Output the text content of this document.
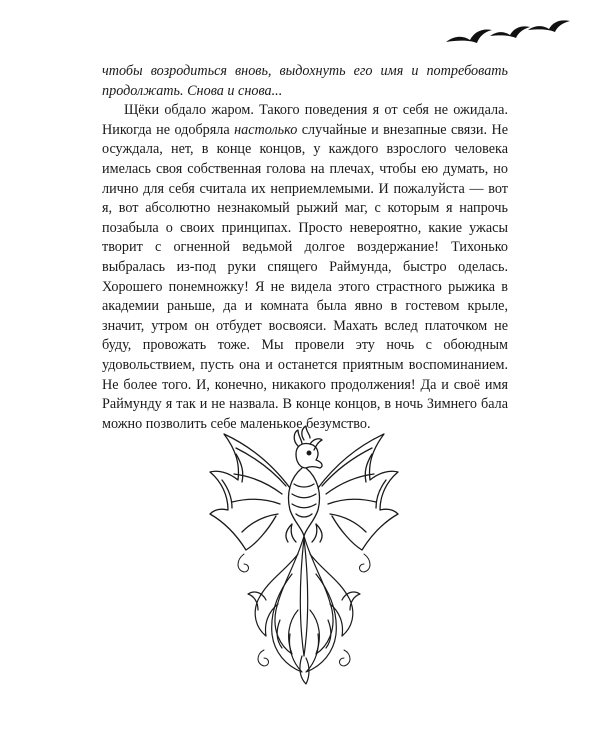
чтобы возродиться вновь, выдохнуть его имя и потребовать продолжать. Снова и снова...

Щёки обдало жаром. Такого поведения я от себя не ожидала. Никогда не одобряла настолько случайные и внезапные связи. Не осуждала, нет, в конце концов, у каждого взрослого человека имелась своя собственная голова на плечах, чтобы ею думать, но лично для себя считала их неприемлемыми. И пожалуйста — вот я, вот абсолютно незнакомый рыжий маг, с которым я напрочь позабыла о своих принципах. Просто невероятно, какие ужасы творит с огненной ведьмой долгое воздержание! Тихонько выбралась из-под руки спящего Раймунда, быстро оделась. Хорошего понемножку! Я не видела этого страстного рыжика в академии раньше, да и комната была явно в гостевом крыле, значит, утром он отбудет восвояси. Махать вслед платочком не буду, провожать тоже. Мы провели эту ночь с обоюдным удовольствием, пусть она и останется приятным воспоминанием. Не более того. И, конечно, никакого продолжения! Да и своё имя Раймунду я так и не назвала. В конце концов, в ночь Зимнего бала можно позволить себе маленькое безумство.
